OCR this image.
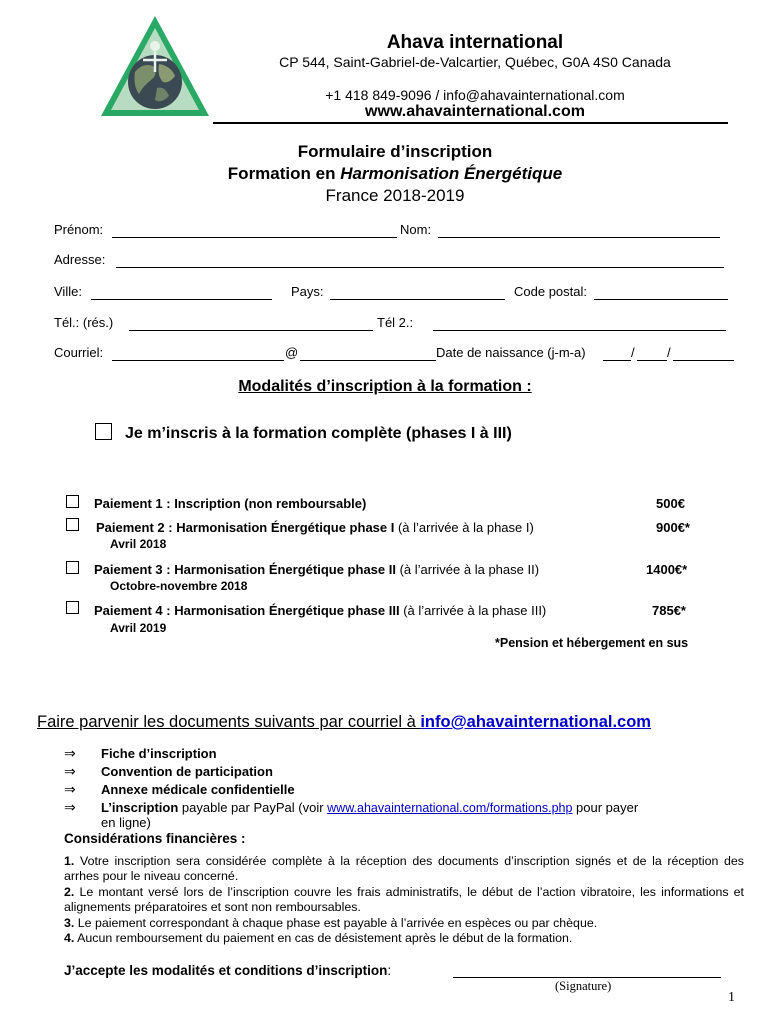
Ahava international
CP 544, Saint-Gabriel-de-Valcartier, Québec, G0A 4S0 Canada
+1 418 849-9096 / info@ahavainternational.com
www.ahavainternational.com
Formulaire d’inscription
Formation en Harmonisation Énergétique
France 2018-2019
Prénom:	Nom:
Adresse:
Ville:	Pays:	Code postal:
Tél.: (rés.)	Tél 2.:
Courriel:	@	Date de naissance (j-m-a)	/ /
Modalités d’inscription à la formation :
Je m’inscris à la formation complète (phases I à III)
Paiement 1 : Inscription (non remboursable)	500€
Paiement 2 : Harmonisation Énergétique phase I (à l’arrivée à la phase I)	900€*
Avril 2018
Paiement 3 : Harmonisation Énergétique phase II (à l’arrivée à la phase II)	1400€*
Octobre-novembre 2018
Paiement 4 : Harmonisation Énergétique phase III (à l’arrivée à la phase III)	785€*
Avril 2019
*Pension et hébergement en sus
Faire parvenir les documents suivants par courriel à info@ahavainternational.com
⇒ Fiche d’inscription
⇒ Convention de participation
⇒ Annexe médicale confidentielle
⇒ L’inscription payable par PayPal (voir www.ahavainternational.com/formations.php pour payer
en ligne)
Considérations financières :
1. Votre inscription sera considérée complète à la réception des documents d’inscription signés et de la réception des arrhes pour le niveau concerné.
2. Le montant versé lors de l’inscription couvre les frais administratifs, le début de l’action vibratoire, les informations et alignements préparatoires et sont non remboursables.
3. Le paiement correspondant à chaque phase est payable à l’arrivée en espèces ou par chèque.
4. Aucun remboursement du paiement en cas de désistement après le début de la formation.
J’accepte les modalités et conditions d’inscription:
(Signature)
1
